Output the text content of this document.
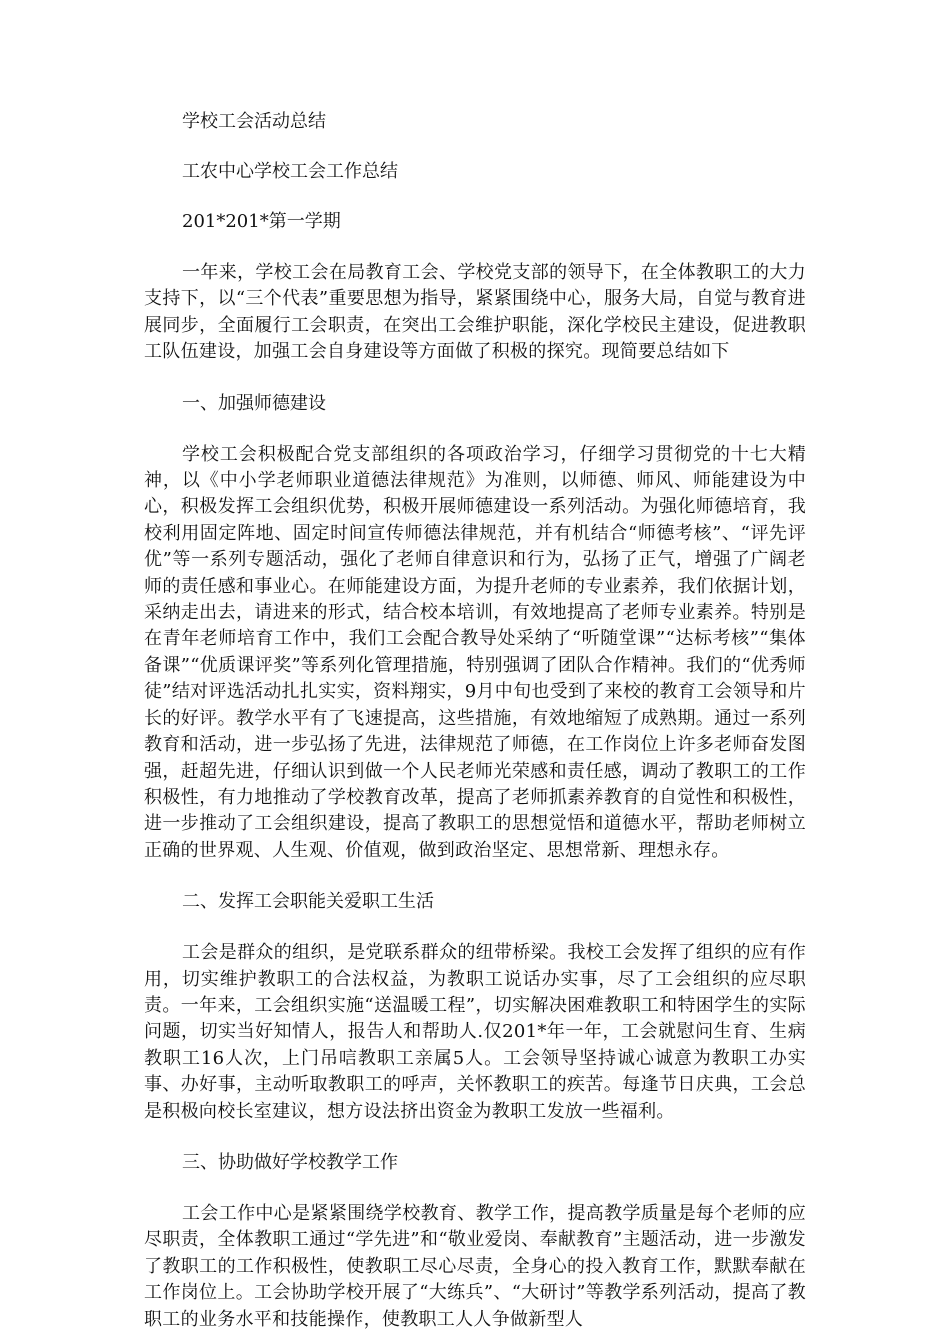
学校工会活动总结

工农中心学校工会工作总结

201*201*第一学期

一年来，学校工会在局教育工会、学校党支部的领导下，在全体教职工的大力支持下，以“三个代表”重要思想为指导，紧紧围绕中心，服务大局，自觉与教育进展同步，全面履行工会职责，在突出工会维护职能，深化学校民主建设，促进教职工队伍建设，加强工会自身建设等方面做了积极的探究。现简要总结如下

一、加强师德建设

学校工会积极配合党支部组织的各项政治学习，仔细学习贯彻党的十七大精神，以《中小学老师职业道德法律规范》为准则，以师德、师风、师能建设为中心，积极发挥工会组织优势，积极开展师德建设一系列活动。为强化师德培育，我校利用固定阵地、固定时间宣传师德法律规范，并有机结合“师德考核”、“评先评优”等一系列专题活动，强化了老师自律意识和行为，弘扬了正气，增强了广阔老师的责任感和事业心。在师能建设方面，为提升老师的专业素养，我们依据计划，采纳走出去，请进来的形式，结合校本培训，有效地提高了老师专业素养。特别是在青年老师培育工作中，我们工会配合教导处采纳了“听随堂课”“达标考核”“集体备课”“优质课评奖”等系列化管理措施，特别强调了团队合作精神。我们的“优秀师徒”结对评选活动扎扎实实，资料翔实，9月中旬也受到了来校的教育工会领导和片长的好评。教学水平有了飞速提高，这些措施，有效地缩短了成熟期。通过一系列教育和活动，进一步弘扬了先进，法律规范了师德，在工作岗位上许多老师奋发图强，赶超先进，仔细认识到做一个人民老师光荣感和责任感，调动了教职工的工作积极性，有力地推动了学校教育改革，提高了老师抓素养教育的自觉性和积极性，进一步推动了工会组织建设，提高了教职工的思想觉悟和道德水平，帮助老师树立正确的世界观、人生观、价值观，做到政治坚定、思想常新、理想永存。

二、发挥工会职能关爱职工生活

工会是群众的组织，是党联系群众的纽带桥梁。我校工会发挥了组织的应有作用，切实维护教职工的合法权益，为教职工说话办实事，尽了工会组织的应尽职责。一年来，工会组织实施“送温暖工程”，切实解决困难教职工和特困学生的实际问题，切实当好知情人，报告人和帮助人.仅201*年一年，工会就慰问生育、生病教职工16人次，上门吊唁教职工亲属5人。工会领导坚持诚心诚意为教职工办实事、办好事，主动听取教职工的呼声，关怀教职工的疾苦。每逢节日庆典，工会总是积极向校长室建议，想方设法挤出资金为教职工发放一些福利。

三、协助做好学校教学工作

工会工作中心是紧紧围绕学校教育、教学工作，提高教学质量是每个老师的应尽职责，全体教职工通过“学先进”和“敬业爱岗、奉献教育”主题活动，进一步激发了教职工的工作积极性，使教职工尽心尽责，全身心的投入教育工作，默默奉献在工作岗位上。工会协助学校开展了“大练兵”、“大研讨”等教学系列活动，提高了教职工的业务水平和技能操作，使教职工人人争做新型人
